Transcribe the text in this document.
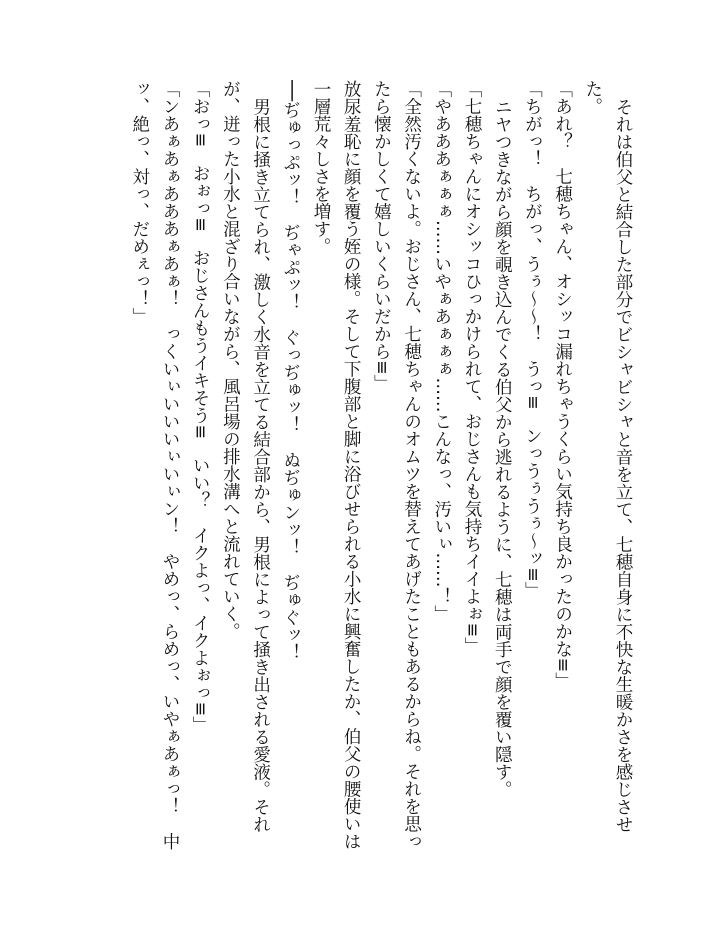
それは伯父と結合した部分でビシャビシャと音を立て、七穂自身に不快な生暖かさを感じさせた。

「あれ？　七穂ちゃん、オシッコ漏れちゃうくらい気持ち良かったのかな≡」

「ちがっ！　ちがっ、うぅ～～！　うっ≡　ンっうぅうぅ～ッ≡」

ニヤつきながら顔を覗き込んでくる伯父から逃れるように、七穂は両手で顔を覆い隠す。

「七穂ちゃんにオシッコひっかけられて、おじさんも気持ちイイよぉ≡」

「やあああぁぁぁ……いやぁあぁぁぁ……こんなっ、汚いぃ……！」

「全然汚くないよ。おじさん、七穂ちゃんのオムツを替えてあげたこともあるからね。それを思ったら懐かしくて嬉しいくらいだから≡」

放尿羞恥に顔を覆う姪の様。そして下腹部と脚に浴びせられる小水に興奮したか、伯父の腰使いは一層荒々しさを増す。

──ぢゅっぷッ！　ぢゃぷッ！　ぐっぢゅッ！　ぬぢゅンッ！　ぢゅぐッ！

男根に掻き立てられ、激しく水音を立てる結合部から、男根によって掻き出される愛液。それが、迸った小水と混ざり合いながら、風呂場の排水溝へと流れていく。

「おっ≡　おぉっ≡　おじさんもうイキそう≡　いい？　イクよっ、イクよぉっ≡」

「ンあぁあぁあああぁあぁ！　っくいぃいいいぃいぃン！　やめっ、らめっ、いやぁあぁっ！　中ッ、絶っ、対っ、だめぇっ！」
